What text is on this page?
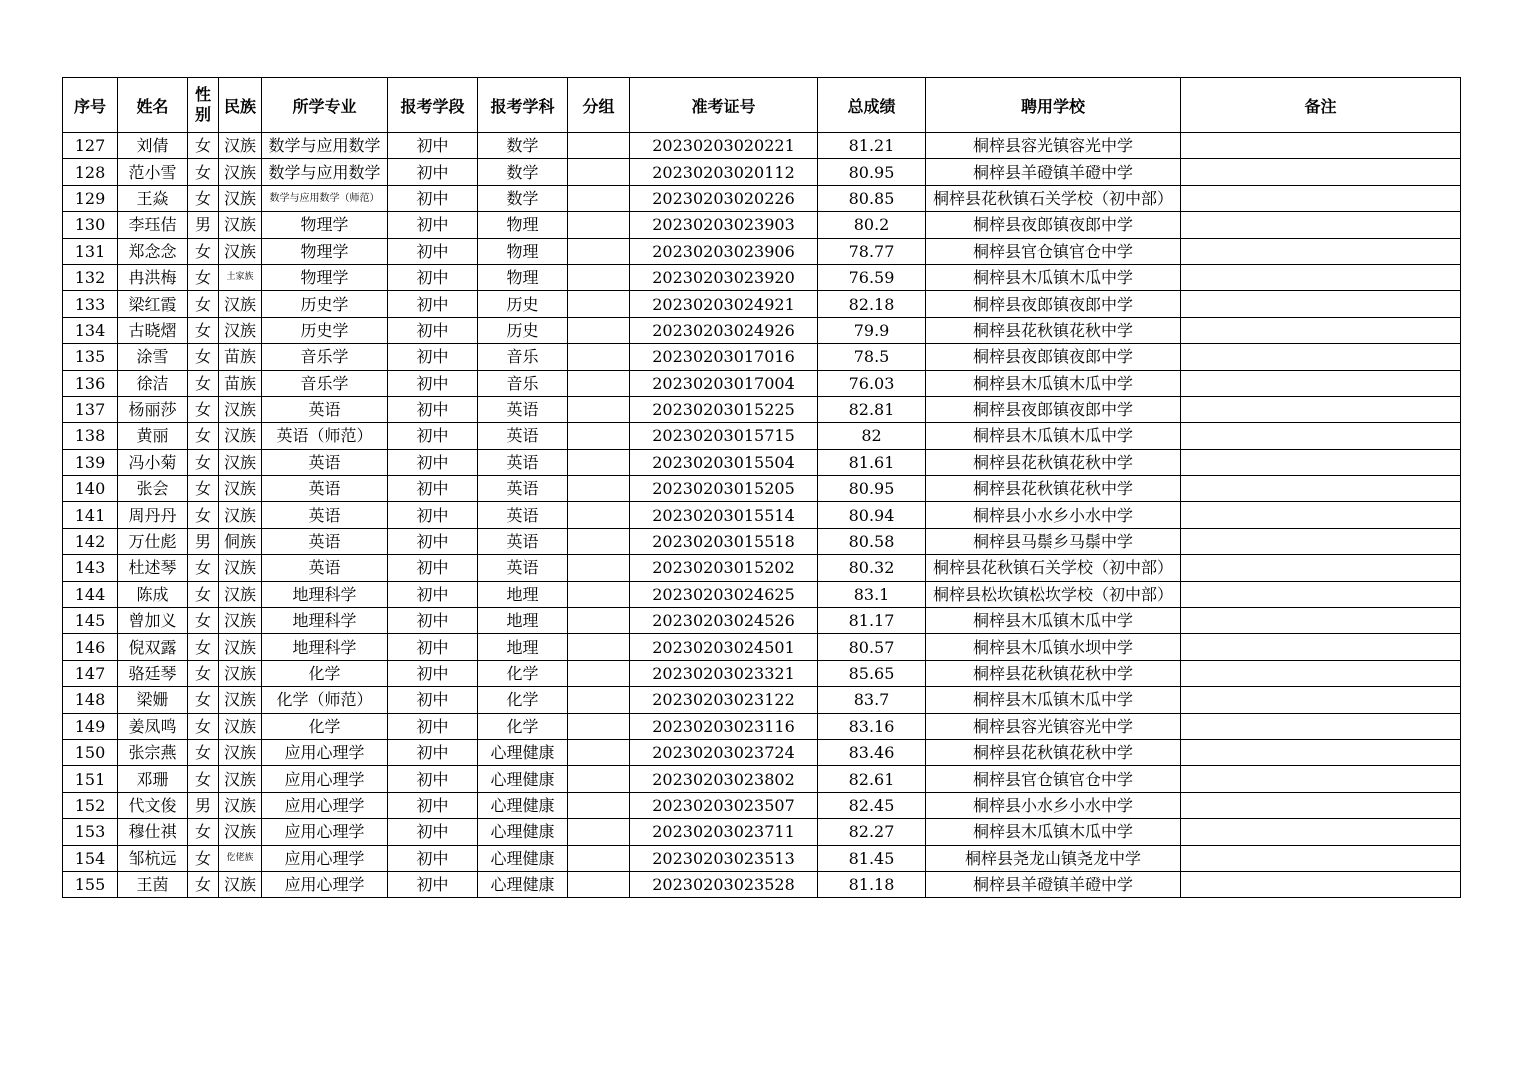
序号	姓名	性别	民族	所学专业	报考学段	报考学科	分组	准考证号	总成绩	聘用学校	备注
127	刘倩	女	汉族	数学与应用数学	初中	数学		20230203020221	81.21	桐梓县容光镇容光中学	
128	范小雪	女	汉族	数学与应用数学	初中	数学		20230203020112	80.95	桐梓县羊磴镇羊磴中学	
129	王焱	女	汉族	数学与应用数学（师范）	初中	数学		20230203020226	80.85	桐梓县花秋镇石关学校（初中部）	
130	李珏佶	男	汉族	物理学	初中	物理		20230203023903	80.2	桐梓县夜郎镇夜郎中学	
131	郑念念	女	汉族	物理学	初中	物理		20230203023906	78.77	桐梓县官仓镇官仓中学	
132	冉洪梅	女	土家族	物理学	初中	物理		20230203023920	76.59	桐梓县木瓜镇木瓜中学	
133	梁红霞	女	汉族	历史学	初中	历史		20230203024921	82.18	桐梓县夜郎镇夜郎中学	
134	古晓熠	女	汉族	历史学	初中	历史		20230203024926	79.9	桐梓县花秋镇花秋中学	
135	涂雪	女	苗族	音乐学	初中	音乐		20230203017016	78.5	桐梓县夜郎镇夜郎中学	
136	徐洁	女	苗族	音乐学	初中	音乐		20230203017004	76.03	桐梓县木瓜镇木瓜中学	
137	杨丽莎	女	汉族	英语	初中	英语		20230203015225	82.81	桐梓县夜郎镇夜郎中学	
138	黄丽	女	汉族	英语（师范）	初中	英语		20230203015715	82	桐梓县木瓜镇木瓜中学	
139	冯小菊	女	汉族	英语	初中	英语		20230203015504	81.61	桐梓县花秋镇花秋中学	
140	张会	女	汉族	英语	初中	英语		20230203015205	80.95	桐梓县花秋镇花秋中学	
141	周丹丹	女	汉族	英语	初中	英语		20230203015514	80.94	桐梓县小水乡小水中学	
142	万仕彪	男	侗族	英语	初中	英语		20230203015518	80.58	桐梓县马鬃乡马鬃中学	
143	杜述琴	女	汉族	英语	初中	英语		20230203015202	80.32	桐梓县花秋镇石关学校（初中部）	
144	陈成	女	汉族	地理科学	初中	地理		20230203024625	83.1	桐梓县松坎镇松坎学校（初中部）	
145	曾加义	女	汉族	地理科学	初中	地理		20230203024526	81.17	桐梓县木瓜镇木瓜中学	
146	倪双露	女	汉族	地理科学	初中	地理		20230203024501	80.57	桐梓县木瓜镇水坝中学	
147	骆廷琴	女	汉族	化学	初中	化学		20230203023321	85.65	桐梓县花秋镇花秋中学	
148	梁姗	女	汉族	化学（师范）	初中	化学		20230203023122	83.7	桐梓县木瓜镇木瓜中学	
149	姜凤鸣	女	汉族	化学	初中	化学		20230203023116	83.16	桐梓县容光镇容光中学	
150	张宗燕	女	汉族	应用心理学	初中	心理健康		20230203023724	83.46	桐梓县花秋镇花秋中学	
151	邓珊	女	汉族	应用心理学	初中	心理健康		20230203023802	82.61	桐梓县官仓镇官仓中学	
152	代文俊	男	汉族	应用心理学	初中	心理健康		20230203023507	82.45	桐梓县小水乡小水中学	
153	穆仕祺	女	汉族	应用心理学	初中	心理健康		20230203023711	82.27	桐梓县木瓜镇木瓜中学	
154	邹杭远	女	仡佬族	应用心理学	初中	心理健康		20230203023513	81.45	桐梓县尧龙山镇尧龙中学	
155	王茵	女	汉族	应用心理学	初中	心理健康		20230203023528	81.18	桐梓县羊磴镇羊磴中学	
